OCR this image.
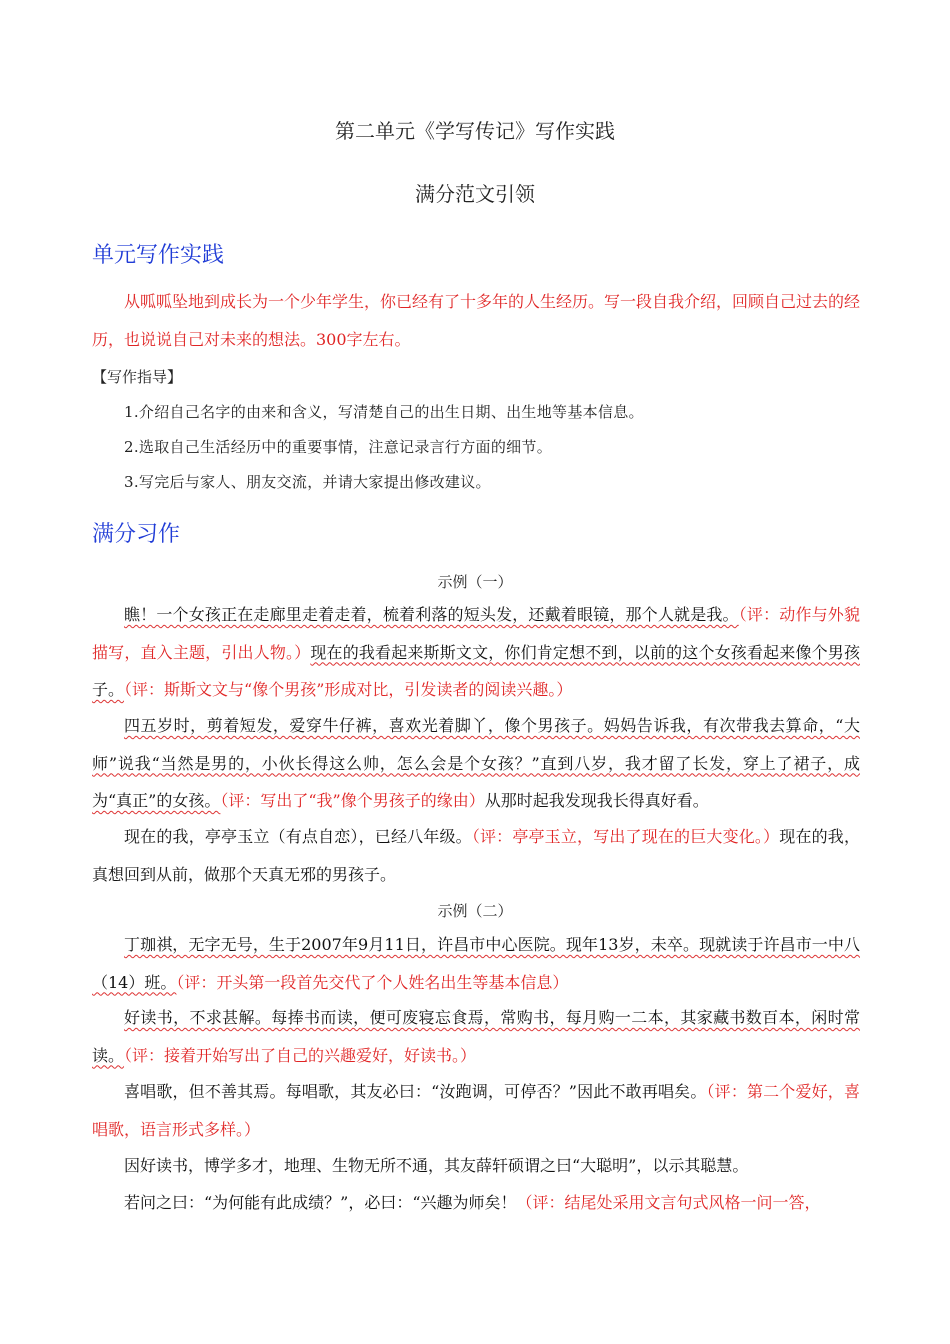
第二单元《学写传记》写作实践
满分范文引领
单元写作实践

从呱呱坠地到成长为一个少年学生，你已经有了十多年的人生经历。写一段自我介绍，回顾自己过去的经历，也说说自己对未来的想法。300字左右。

【写作指导】
1.介绍自己名字的由来和含义，写清楚自己的出生日期、出生地等基本信息。
2.选取自己生活经历中的重要事情，注意记录言行方面的细节。
3.写完后与家人、朋友交流，并请大家提出修改建议。
满分习作
示例（一）

瞧！一个女孩正在走廊里走着走着，梳着利落的短头发，还戴着眼镜，那个人就是我。（评：动作与外貌描写，直入主题，引出人物。）现在的我看起来斯斯文文，你们肯定想不到，以前的这个女孩看起来像个男孩子。（评：斯斯文文与“像个男孩”形成对比，引发读者的阅读兴趣。）

四五岁时，剪着短发，爱穿牛仔裤，喜欢光着脚丫，像个男孩子。妈妈告诉我，有次带我去算命，“大师”说我“当然是男的，小伙长得这么帅，怎么会是个女孩？”直到八岁，我才留了长发，穿上了裙子，成为“真正”的女孩。（评：写出了“我”像个男孩子的缘由）从那时起我发现我长得真好看。

现在的我，亭亭玉立（有点自恋），已经八年级。（评：亭亭玉立，写出了现在的巨大变化。）现在的我，真想回到从前，做那个天真无邪的男孩子。

示例（二）

丁珈祺，无字无号，生于2007年9月11日，许昌市中心医院。现年13岁，未卒。现就读于许昌市一中八（14）班。（评：开头第一段首先交代了个人姓名出生等基本信息）

好读书，不求甚解。每捧书而读，便可废寝忘食焉，常购书，每月购一二本，其家藏书数百本，闲时常读。（评：接着开始写出了自己的兴趣爱好，好读书。）

喜唱歌，但不善其焉。每唱歌，其友必曰：“汝跑调，可停否？”因此不敢再唱矣。（评：第二个爱好，喜唱歌，语言形式多样。）

因好读书，博学多才，地理、生物无所不通，其友薛轩硕谓之曰“大聪明”，以示其聪慧。

若问之曰：“为何能有此成绩？”，必曰：“兴趣为师矣！（评：结尾处采用文言句式风格一问一答，
